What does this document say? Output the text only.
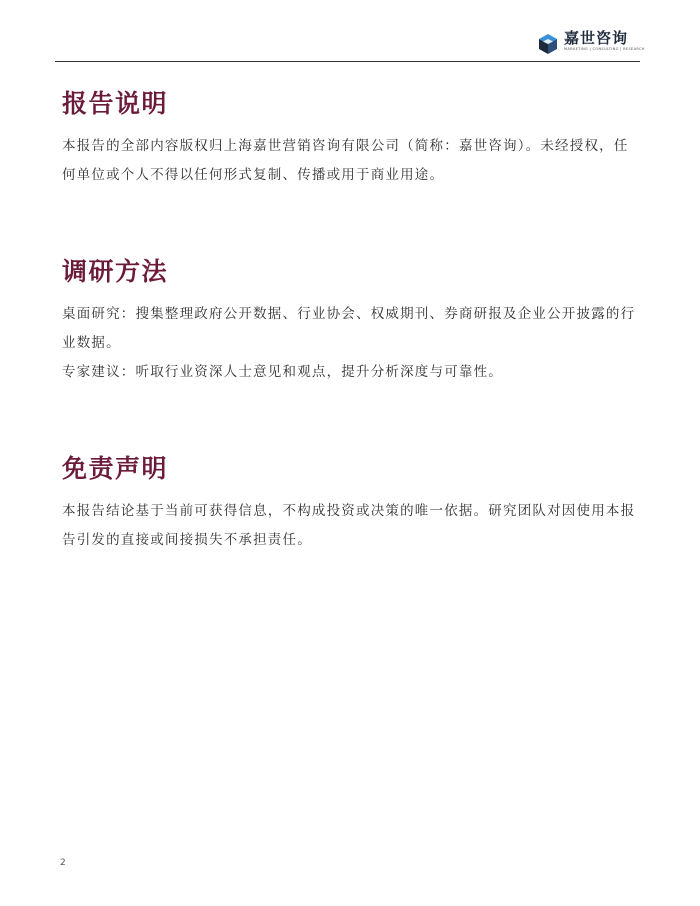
嘉世咨询
MARKETING | CONSULTING | RESEARCH
报告说明

本报告的全部内容版权归上海嘉世营销咨询有限公司（简称：嘉世咨询）。未经授权，任何单位或个人不得以任何形式复制、传播或用于商业用途。

调研方法

桌面研究：搜集整理政府公开数据、行业协会、权威期刊、券商研报及企业公开披露的行业数据。

专家建议：听取行业资深人士意见和观点，提升分析深度与可靠性。

免责声明

本报告结论基于当前可获得信息，不构成投资或决策的唯一依据。研究团队对因使用本报告引发的直接或间接损失不承担责任。

2
